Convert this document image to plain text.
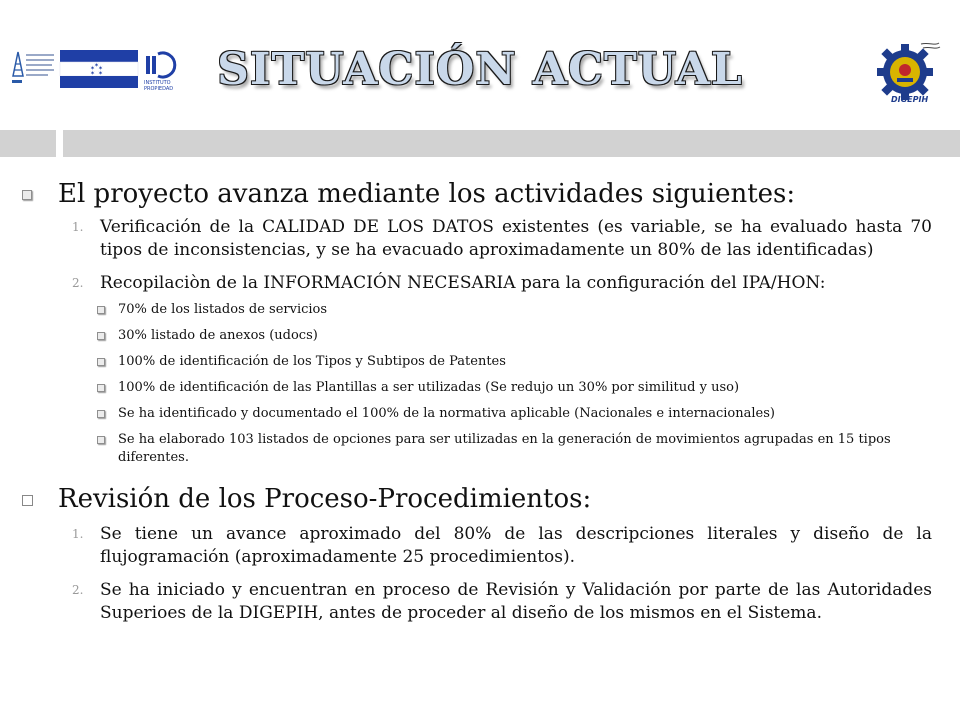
✶ ✶
✶
✶ ✶
INSTITUTO
PROPIEDAD	SITUACIÓN ACTUAL
DIGEPIH
El proyecto avanza mediante los actividades siguientes:
1. Verificación de la CALIDAD DE LOS DATOS existentes (es variable, se ha evaluado hasta 70 tipos de inconsistencias, y se ha evacuado aproximadamente un 80% de las identificadas)

2. Recopilaciòn de la INFORMACIÓN NECESARIA para la configuración del IPA/HON:

70% de los listados de servicios
30% listado de anexos (udocs)
100% de identificación de los Tipos y Subtipos de Patentes
100% de identificación de las Plantillas a ser utilizadas (Se redujo un 30% por similitud y uso)
Se ha identificado y documentado el 100% de la normativa aplicable (Nacionales e internacionales)
Se ha elaborado 103 listados de opciones para ser utilizadas en la generación de movimientos agrupadas en 15 tipos diferentes.
Revisión de los Proceso-Procedimientos:
1. Se tiene un avance aproximado del 80% de las descripciones literales y diseño de la flujogramación (aproximadamente 25 procedimientos).

2. Se ha iniciado y encuentran en proceso de Revisión y Validación por parte de las Autoridades Superioes de la DIGEPIH, antes de proceder al diseño de los mismos en el Sistema.
